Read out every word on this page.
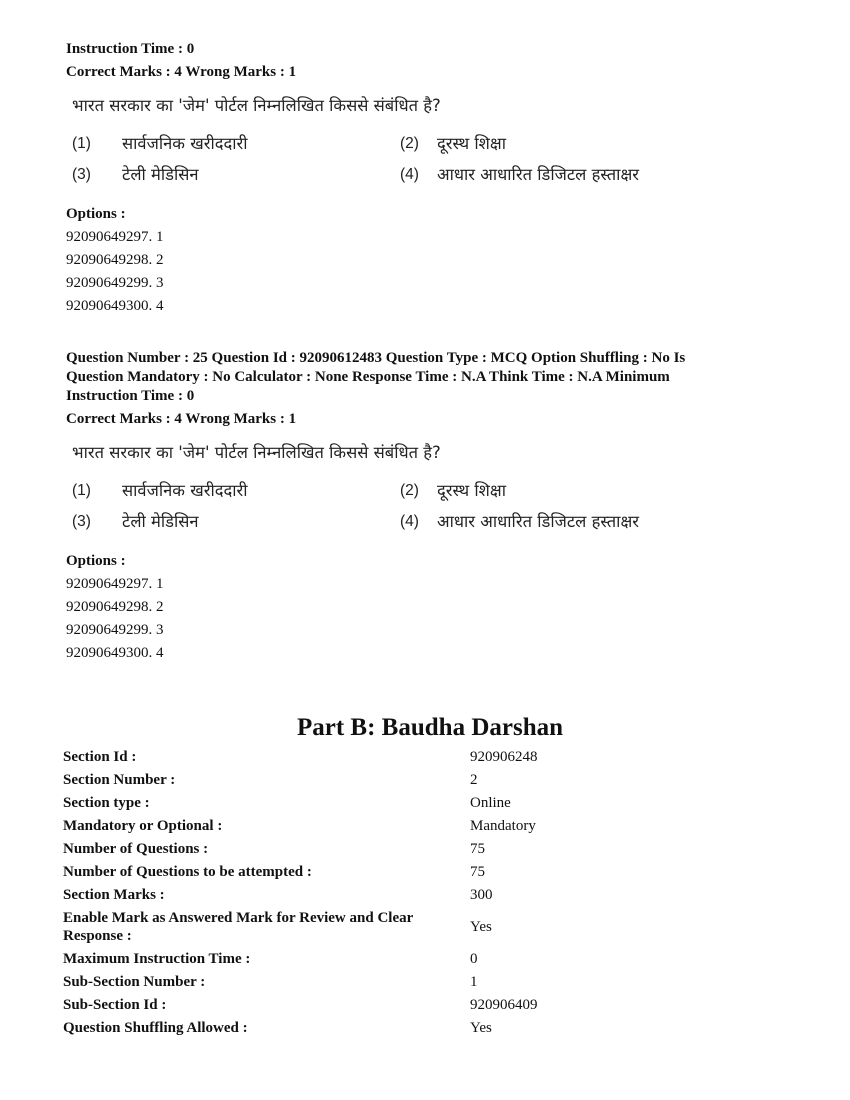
Instruction Time : 0
Correct Marks : 4 Wrong Marks : 1
भारत सरकार का 'जेम' पोर्टल निम्नलिखित किससे संबंधित है?
(1) सार्वजनिक खरीददारी	(2) दूरस्थ शिक्षा
(3) टेली मेडिसिन	(4) आधार आधारित डिजिटल हस्ताक्षर
Options :
92090649297. 1
92090649298. 2
92090649299. 3
92090649300. 4
Question Number : 25 Question Id : 92090612483 Question Type : MCQ Option Shuffling : No Is
Question Mandatory : No Calculator : None Response Time : N.A Think Time : N.A Minimum
Instruction Time : 0
Correct Marks : 4 Wrong Marks : 1
भारत सरकार का 'जेम' पोर्टल निम्नलिखित किससे संबंधित है?
(1) सार्वजनिक खरीददारी	(2) दूरस्थ शिक्षा
(3) टेली मेडिसिन	(4) आधार आधारित डिजिटल हस्ताक्षर
Options :
92090649297. 1
92090649298. 2
92090649299. 3
92090649300. 4
Part B: Baudha Darshan
Section Id :	920906248
Section Number :	2
Section type :	Online
Mandatory or Optional :	Mandatory
Number of Questions :	75
Number of Questions to be attempted :	75
Section Marks :	300
Enable Mark as Answered Mark for Review and Clear Response :
Yes
Maximum Instruction Time :	0
Sub-Section Number :	1
Sub-Section Id :	920906409
Question Shuffling Allowed :	Yes
